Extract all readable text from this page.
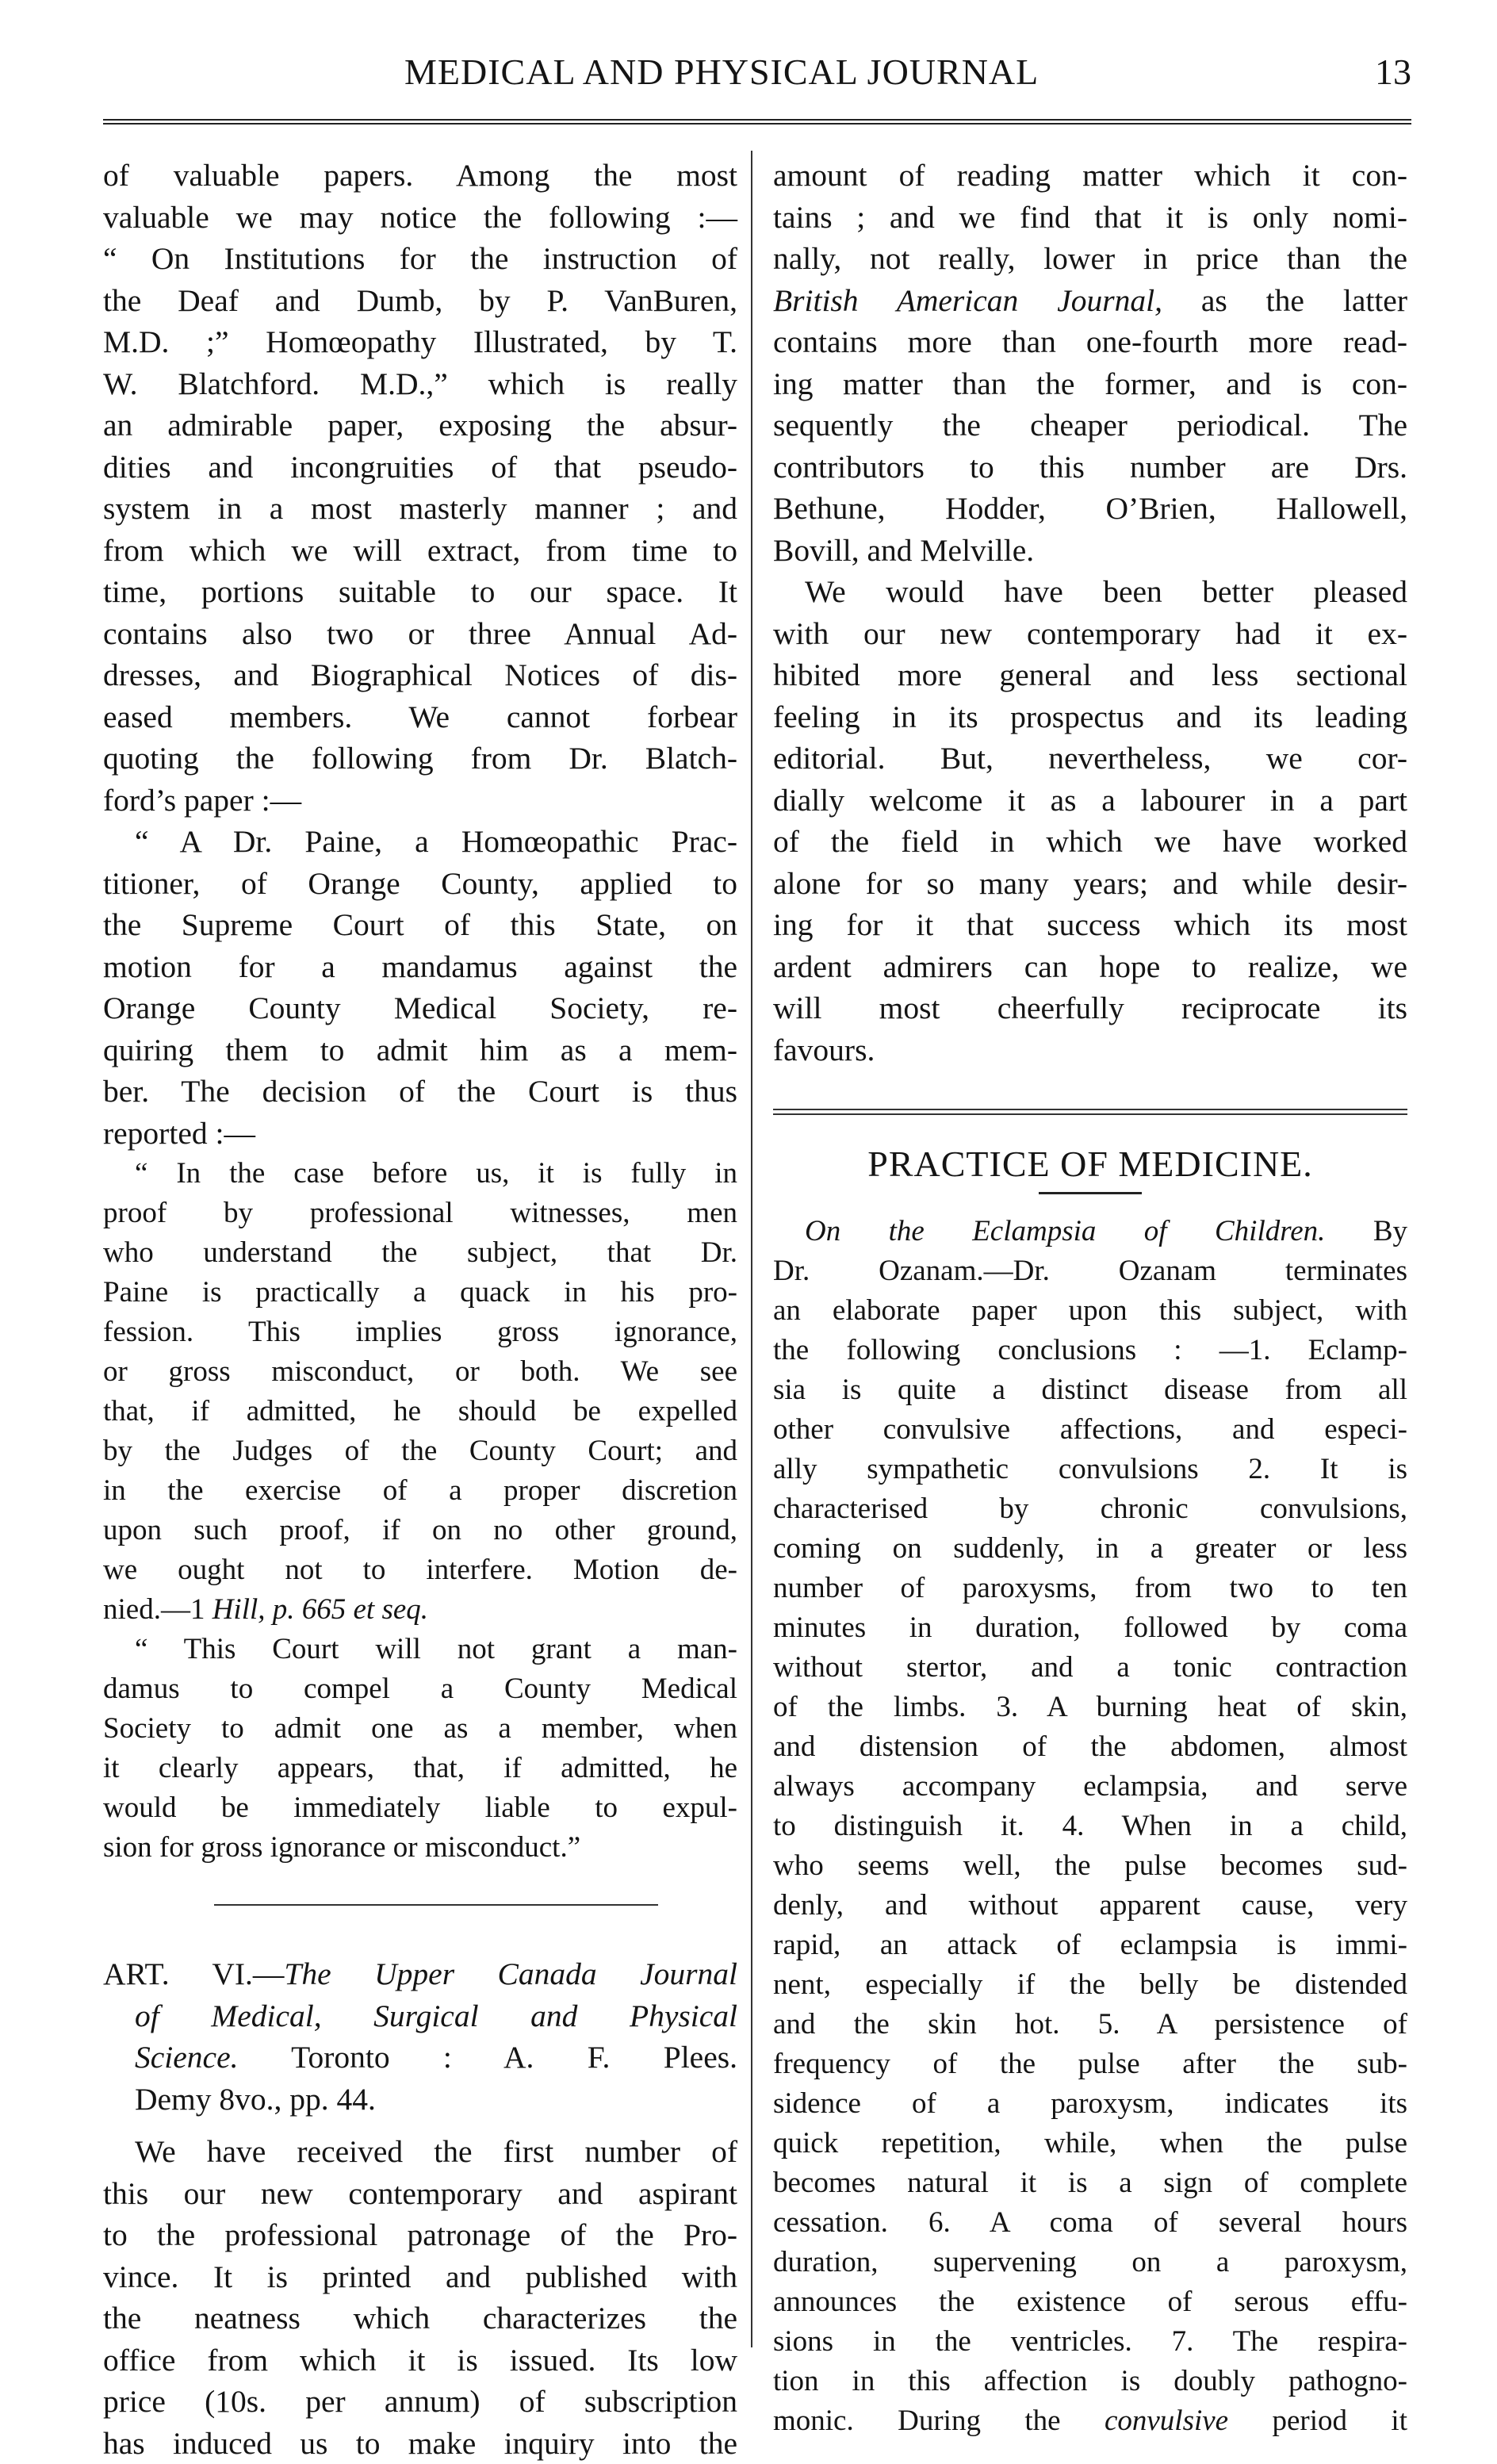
MEDICAL AND PHYSICAL JOURNAL	13
of valuable papers. Among the most
valuable we may notice the following :—
“ On Institutions for the instruction of
the Deaf and Dumb, by P. VanBuren,
M.D. ;” Homœopathy Illustrated, by T.
W. Blatchford. M.D.,” which is really
an admirable paper, exposing the absur-
dities and incongruities of that pseudo-
system in a most masterly manner ; and
from which we will extract, from time to
time, portions suitable to our space. It
contains also two or three Annual Ad-
dresses, and Biographical Notices of dis-
eased members. We cannot forbear
quoting the following from Dr. Blatch-
ford’s paper :—
“ A Dr. Paine, a Homœopathic Prac-
titioner, of Orange County, applied to
the Supreme Court of this State, on
motion for a mandamus against the
Orange County Medical Society, re-
quiring them to admit him as a mem-
ber. The decision of the Court is thus
reported :—
“ In the case before us, it is fully in
proof by professional witnesses, men
who understand the subject, that Dr.
Paine is practically a quack in his pro-
fession. This implies gross ignorance,
or gross misconduct, or both. We see
that, if admitted, he should be expelled
by the Judges of the County Court; and
in the exercise of a proper discretion
upon such proof, if on no other ground,
we ought not to interfere. Motion de-
nied.—1 Hill, p. 665 et seq.
“ This Court will not grant a man-
damus to compel a County Medical
Society to admit one as a member, when
it clearly appears, that, if admitted, he
would be immediately liable to expul-
sion for gross ignorance or misconduct.”
ART. VI.—The Upper Canada Journal
of Medical, Surgical and Physical
Science. Toronto : A. F. Plees.
Demy 8vo., pp. 44.
We have received the first number of
this our new contemporary and aspirant
to the professional patronage of the Pro-
vince. It is printed and published with
the neatness which characterizes the
office from which it is issued. Its low
price (10s. per annum) of subscription
has induced us to make inquiry into the
amount of reading matter which it con-
tains ; and we find that it is only nomi-
nally, not really, lower in price than the
British American Journal, as the latter
contains more than one-fourth more read-
ing matter than the former, and is con-
sequently the cheaper periodical. The
contributors to this number are Drs.
Bethune, Hodder, O’Brien, Hallowell,
Bovill, and Melville.
We would have been better pleased
with our new contemporary had it ex-
hibited more general and less sectional
feeling in its prospectus and its leading
editorial. But, nevertheless, we cor-
dially welcome it as a labourer in a part
of the field in which we have worked
alone for so many years; and while desir-
ing for it that success which its most
ardent admirers can hope to realize, we
will most cheerfully reciprocate its
favours.
PRACTICE OF MEDICINE.
On the Eclampsia of Children. By
Dr. Ozanam.—Dr. Ozanam terminates
an elaborate paper upon this subject, with
the following conclusions : —1. Eclamp-
sia is quite a distinct disease from all
other convulsive affections, and especi-
ally sympathetic convulsions 2. It is
characterised by chronic convulsions,
coming on suddenly, in a greater or less
number of paroxysms, from two to ten
minutes in duration, followed by coma
without stertor, and a tonic contraction
of the limbs. 3. A burning heat of skin,
and distension of the abdomen, almost
always accompany eclampsia, and serve
to distinguish it. 4. When in a child,
who seems well, the pulse becomes sud-
denly, and without apparent cause, very
rapid, an attack of eclampsia is immi-
nent, especially if the belly be distended
and the skin hot. 5. A persistence of
frequency of the pulse after the sub-
sidence of a paroxysm, indicates its
quick repetition, while, when the pulse
becomes natural it is a sign of complete
cessation. 6. A coma of several hours
duration, supervening on a paroxysm,
announces the existence of serous effu-
sions in the ventricles. 7. The respira-
tion in this affection is doubly pathogno-
monic. During the convulsive period it
